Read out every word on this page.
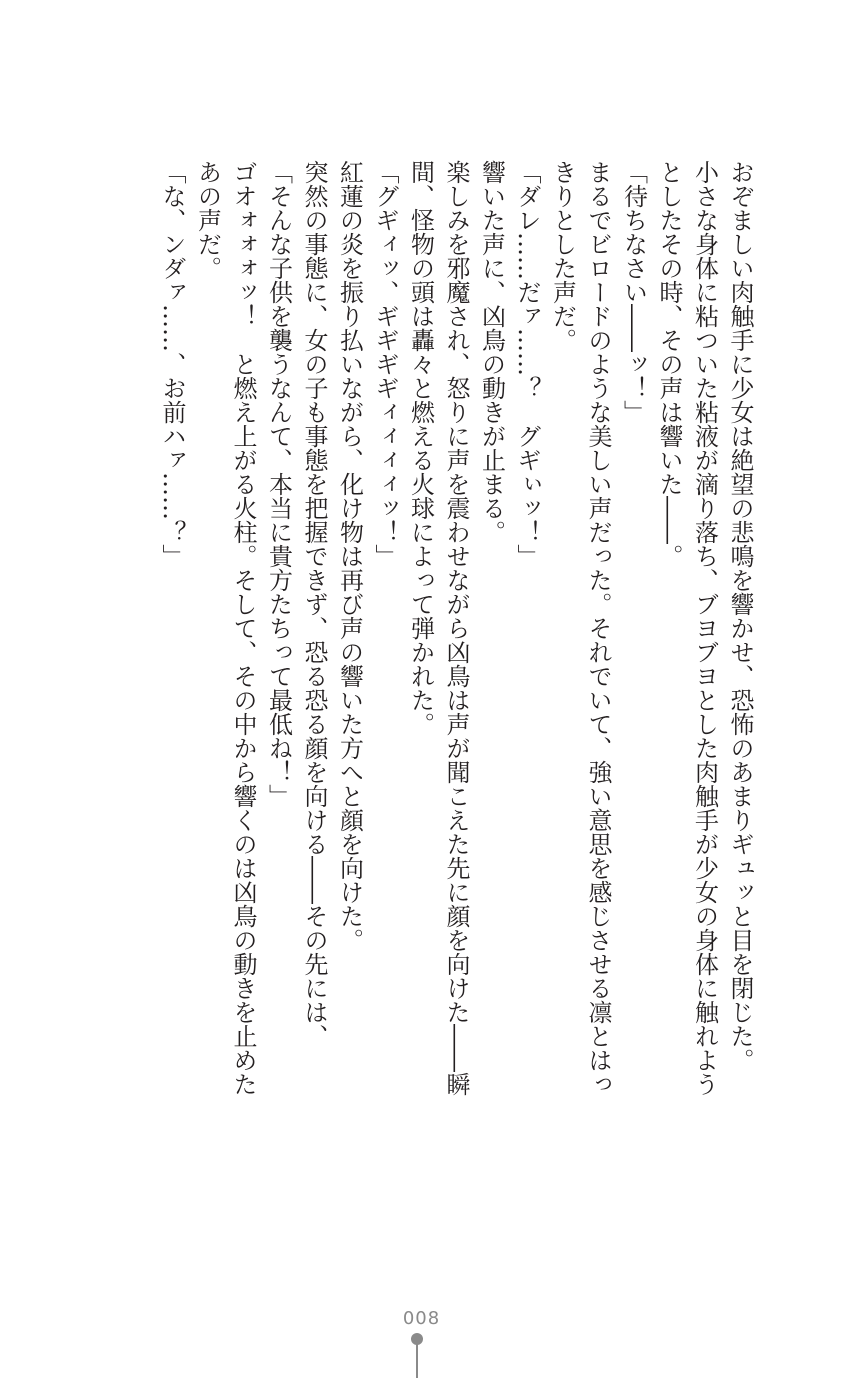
おぞましい肉触手に少女は絶望の悲鳴を響かせ、恐怖のあまりギュッと目を閉じた。
小さな身体に粘ついた粘液が滴り落ち、ブヨブヨとした肉触手が少女の身体に触れよう
としたその時、その声は響いた――。
「待ちなさい――ッ！」
まるでビロードのような美しい声だった。それでいて、強い意思を感じさせる凛とはっ
きりとした声だ。
「ダレ……だァ……？　グギぃッ！」
響いた声に、凶鳥の動きが止まる。
楽しみを邪魔され、怒りに声を震わせながら凶鳥は声が聞こえた先に顔を向けた――瞬
間、怪物の頭は轟々と燃える火球によって弾かれた。
「グギィッ、ギギギギィィィィッ！」
紅蓮の炎を振り払いながら、化け物は再び声の響いた方へと顔を向けた。
突然の事態に、女の子も事態を把握できず、恐る恐る顔を向ける――その先には、
「そんな子供を襲うなんて、本当に貴方たちって最低ね！」
ゴオォォォッ！　と燃え上がる火柱。そして、その中から響くのは凶鳥の動きを止めた
あの声だ。
「な、ンダァ……、お前ハァ……？」
008
